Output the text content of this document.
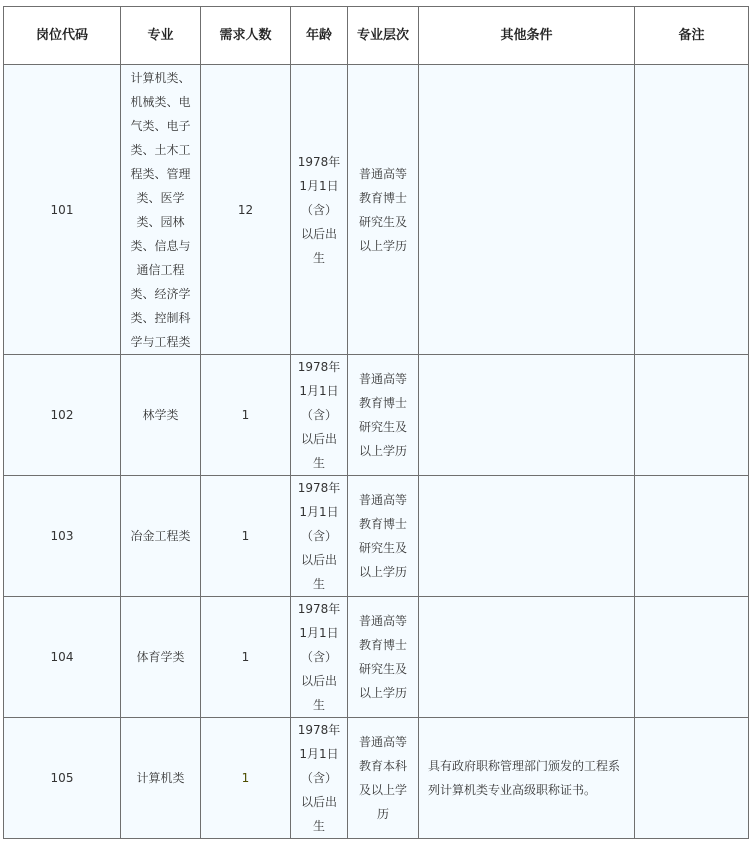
岗位代码	专业	需求人数	年龄	专业层次	其他条件	备注
101	计算机类、机械类、电气类、电子类、土木工程类、管理类、医学类、园林类、信息与通信工程类、经济学类、控制科学与工程类	12	1978年1月1日（含）以后出生	普通高等教育博士研究生及以上学历		
102	林学类	1	1978年1月1日（含）以后出生	普通高等教育博士研究生及以上学历		
103	冶金工程类	1	1978年1月1日（含）以后出生	普通高等教育博士研究生及以上学历		
104	体育学类	1	1978年1月1日（含）以后出生	普通高等教育博士研究生及以上学历		
105	计算机类	1	1978年1月1日（含）以后出生	普通高等教育本科及以上学历	具有政府职称管理部门颁发的工程系列计算机类专业高级职称证书。	
